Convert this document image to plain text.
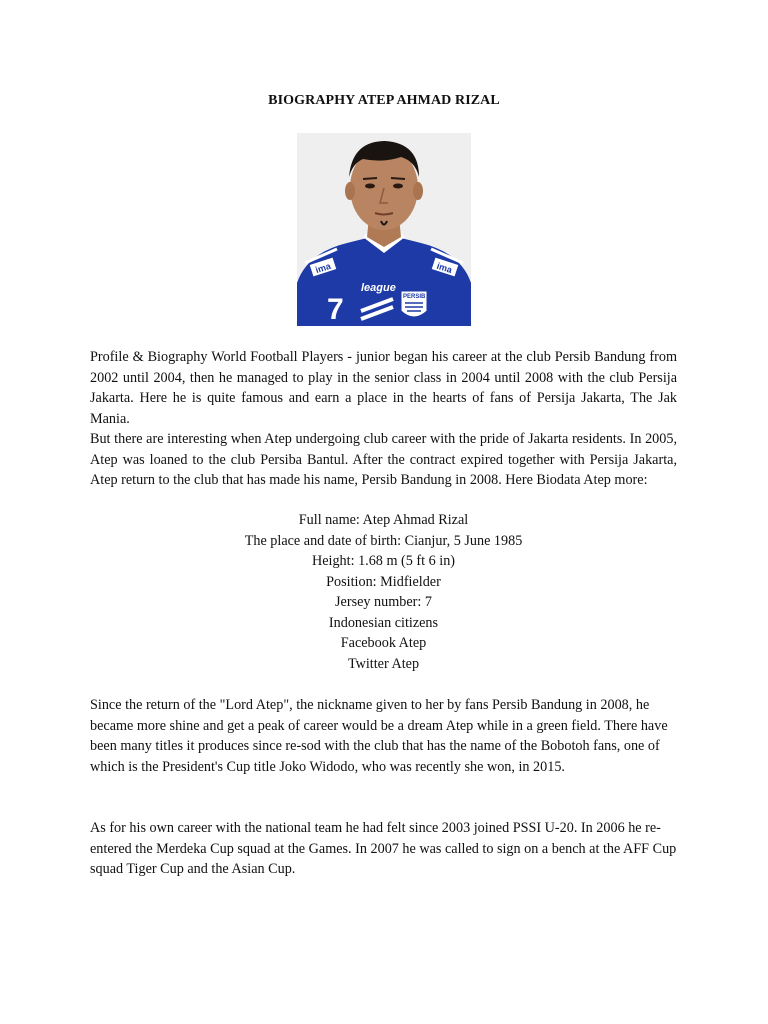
BIOGRAPHY ATEP AHMAD RIZAL
ima	ima
league
7	PERSIB

Profile & Biography World Football Players - junior began his career at the club Persib Bandung from 2002 until 2004, then he managed to play in the senior class in 2004 until 2008 with the club Persija Jakarta. Here he is quite famous and earn a place in the hearts of fans of Persija Jakarta, The Jak Mania.

But there are interesting when Atep undergoing club career with the pride of Jakarta residents. In 2005, Atep was loaned to the club Persiba Bantul. After the contract expired together with Persija Jakarta, Atep return to the club that has made his name, Persib Bandung in 2008. Here Biodata Atep more:

Full name: Atep Ahmad Rizal
The place and date of birth: Cianjur, 5 June 1985
Height: 1.68 m (5 ft 6 in)
Position: Midfielder
Jersey number: 7
Indonesian citizens
Facebook Atep
Twitter Atep
Since the return of the "Lord Atep", the nickname given to her by fans Persib Bandung in 2008, he became more shine and get a peak of career would be a dream Atep while in a green field. There have been many titles it produces since re-sod with the club that has the name of the Bobotoh fans, one of which is the President's Cup title Joko Widodo, who was recently she won, in 2015.
As for his own career with the national team he had felt since 2003 joined PSSI U-20. In 2006 he re-entered the Merdeka Cup squad at the Games. In 2007 he was called to sign on a bench at the AFF Cup squad Tiger Cup and the Asian Cup.
